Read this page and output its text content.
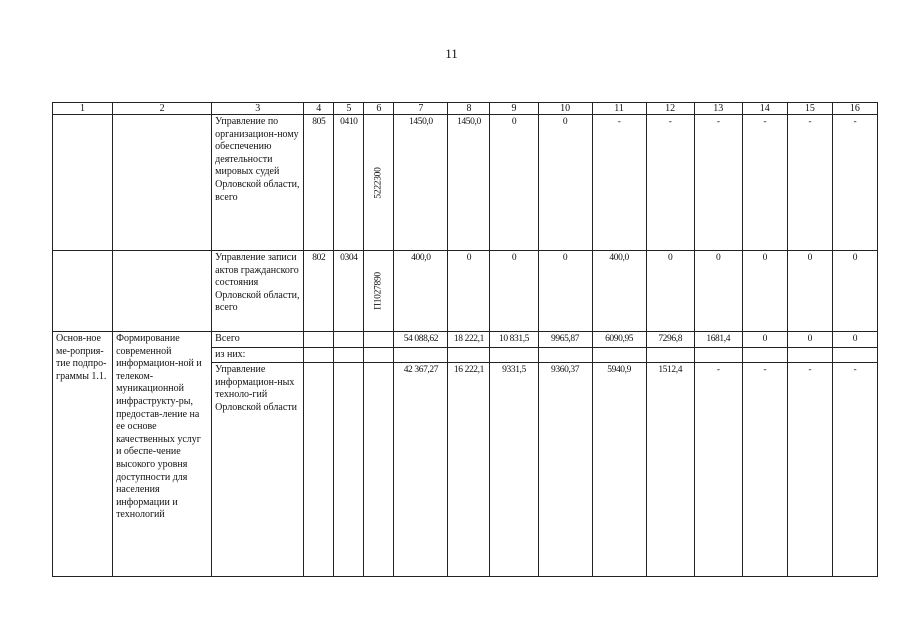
11
1	2	3	4	5	6	7	8	9	10	11	12	13	14	15	16
		Управление по организацион-ному обеспечению деятельности мировых судей Орловской области, всего	805	0410	5222300	1450,0	1450,0	0	0	-	-	-	-	-	-
		Управление записи актов гражданского состояния Орловской области, всего	802	0304	П1027890	400,0	0	0	0	400,0	0	0	0	0	0
Основ-ное ме-роприя-тие подпро-граммы 1.1.	Формирование современной информацион-ной и телеком-муникационной инфраструкту-ры, предостав-ление на ее основе качественных услуг и обеспе-чение высокого уровня доступности для населения информации и технологий	Всего				54 088,62	18 222,1	10 831,5	9965,87	6090,95	7296,8	1681,4	0	0	0
		из них:													
		Управление информацион-ных техноло-гий Орловской области				42 367,27	16 222,1	9331,5	9360,37	5940,9	1512,4	-	-	-	-
